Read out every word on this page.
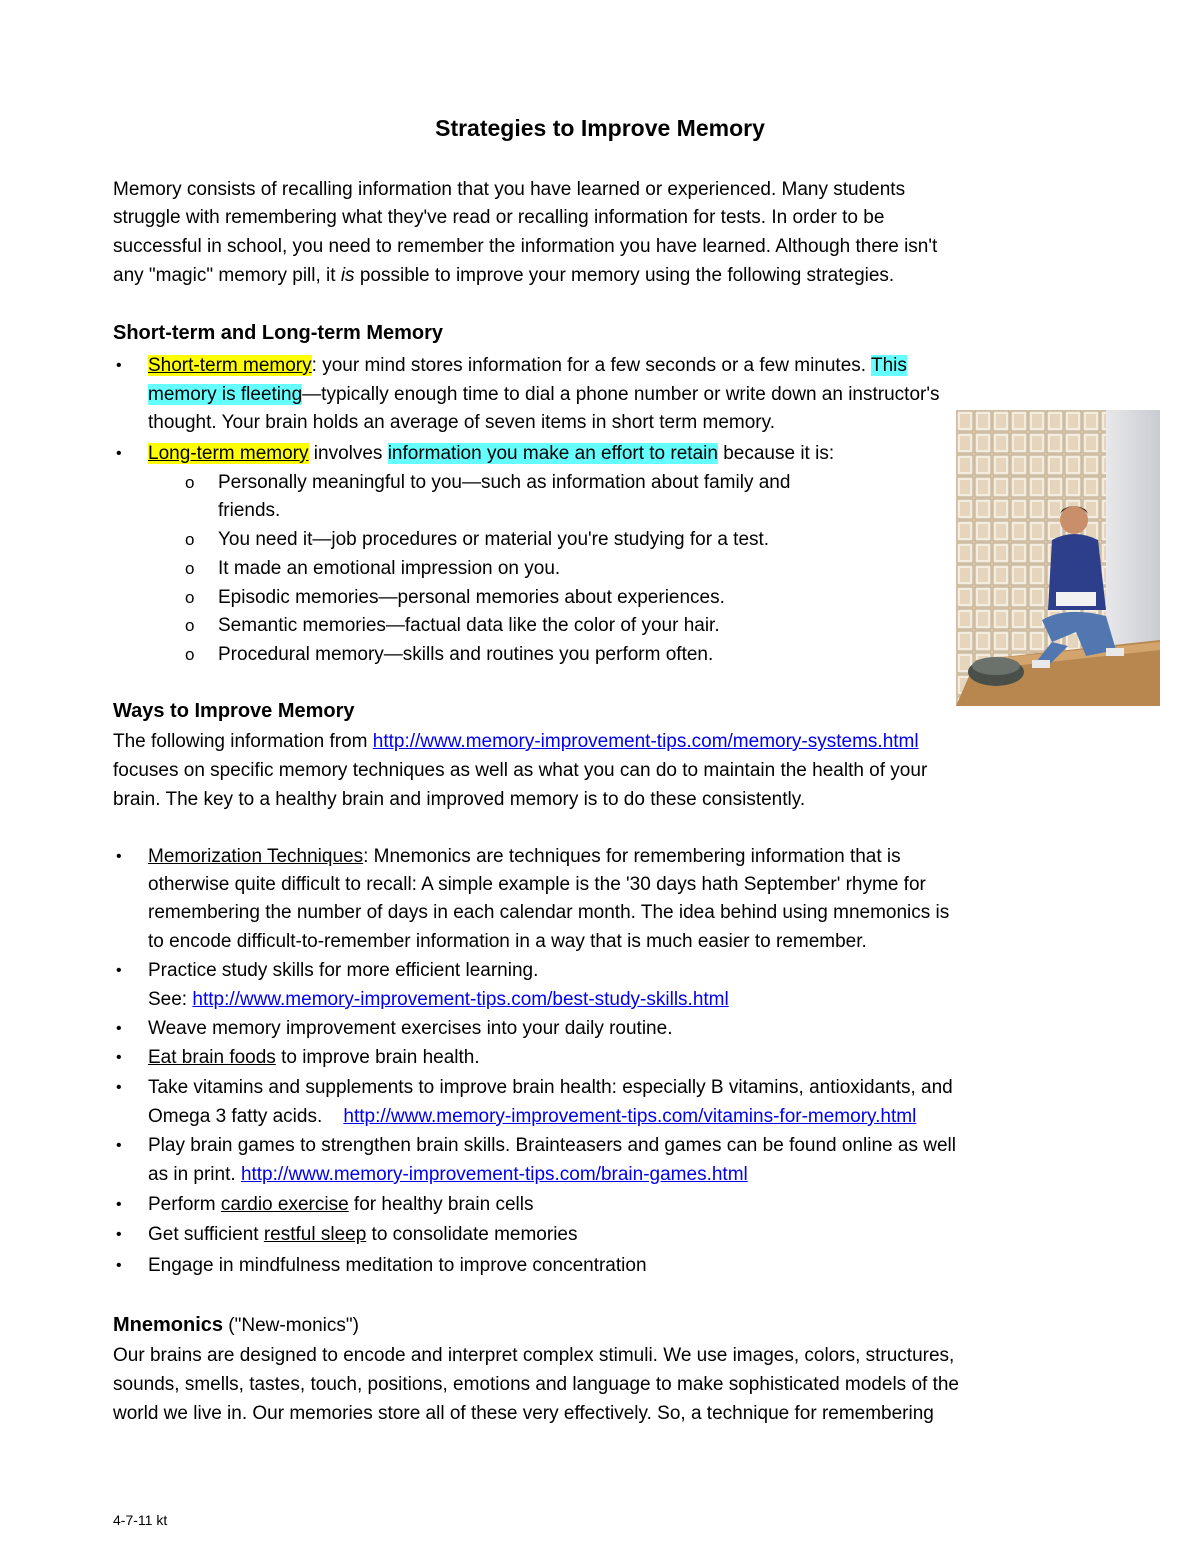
Strategies to Improve Memory
Memory consists of recalling information that you have learned or experienced. Many students
struggle with remembering what they've read or recalling information for tests. In order to be
successful in school, you need to remember the information you have learned. Although there isn't
any "magic" memory pill, it is possible to improve your memory using the following strategies.
Short-term and Long-term Memory
• Short-term memory: your mind stores information for a few seconds or a few minutes. This
memory is fleeting—typically enough time to dial a phone number or write down an instructor's
thought. Your brain holds an average of seven items in short term memory.
• Long-term memory involves information you make an effort to retain because it is:
o Personally meaningful to you—such as information about family and
friends.
o You need it—job procedures or material you're studying for a test.
o It made an emotional impression on you.
o Episodic memories—personal memories about experiences.
o Semantic memories—factual data like the color of your hair.
o Procedural memory—skills and routines you perform often.
Ways to Improve Memory
The following information from http://www.memory-improvement-tips.com/memory-systems.html
focuses on specific memory techniques as well as what you can do to maintain the health of your
brain. The key to a healthy brain and improved memory is to do these consistently.
• Memorization Techniques: Mnemonics are techniques for remembering information that is
otherwise quite difficult to recall: A simple example is the '30 days hath September' rhyme for
remembering the number of days in each calendar month. The idea behind using mnemonics is
to encode difficult-to-remember information in a way that is much easier to remember.
• Practice study skills for more efficient learning.
See: http://www.memory-improvement-tips.com/best-study-skills.html
• Weave memory improvement exercises into your daily routine.
• Eat brain foods to improve brain health.
• Take vitamins and supplements to improve brain health: especially B vitamins, antioxidants, and
Omega 3 fatty acids.    http://www.memory-improvement-tips.com/vitamins-for-memory.html
• Play brain games to strengthen brain skills. Brainteasers and games can be found online as well
as in print. http://www.memory-improvement-tips.com/brain-games.html
• Perform cardio exercise for healthy brain cells
• Get sufficient restful sleep to consolidate memories
• Engage in mindfulness meditation to improve concentration
Mnemonics ("New-monics")
Our brains are designed to encode and interpret complex stimuli. We use images, colors, structures,
sounds, smells, tastes, touch, positions, emotions and language to make sophisticated models of the
world we live in. Our memories store all of these very effectively. So, a technique for remembering
4-7-11 kt
